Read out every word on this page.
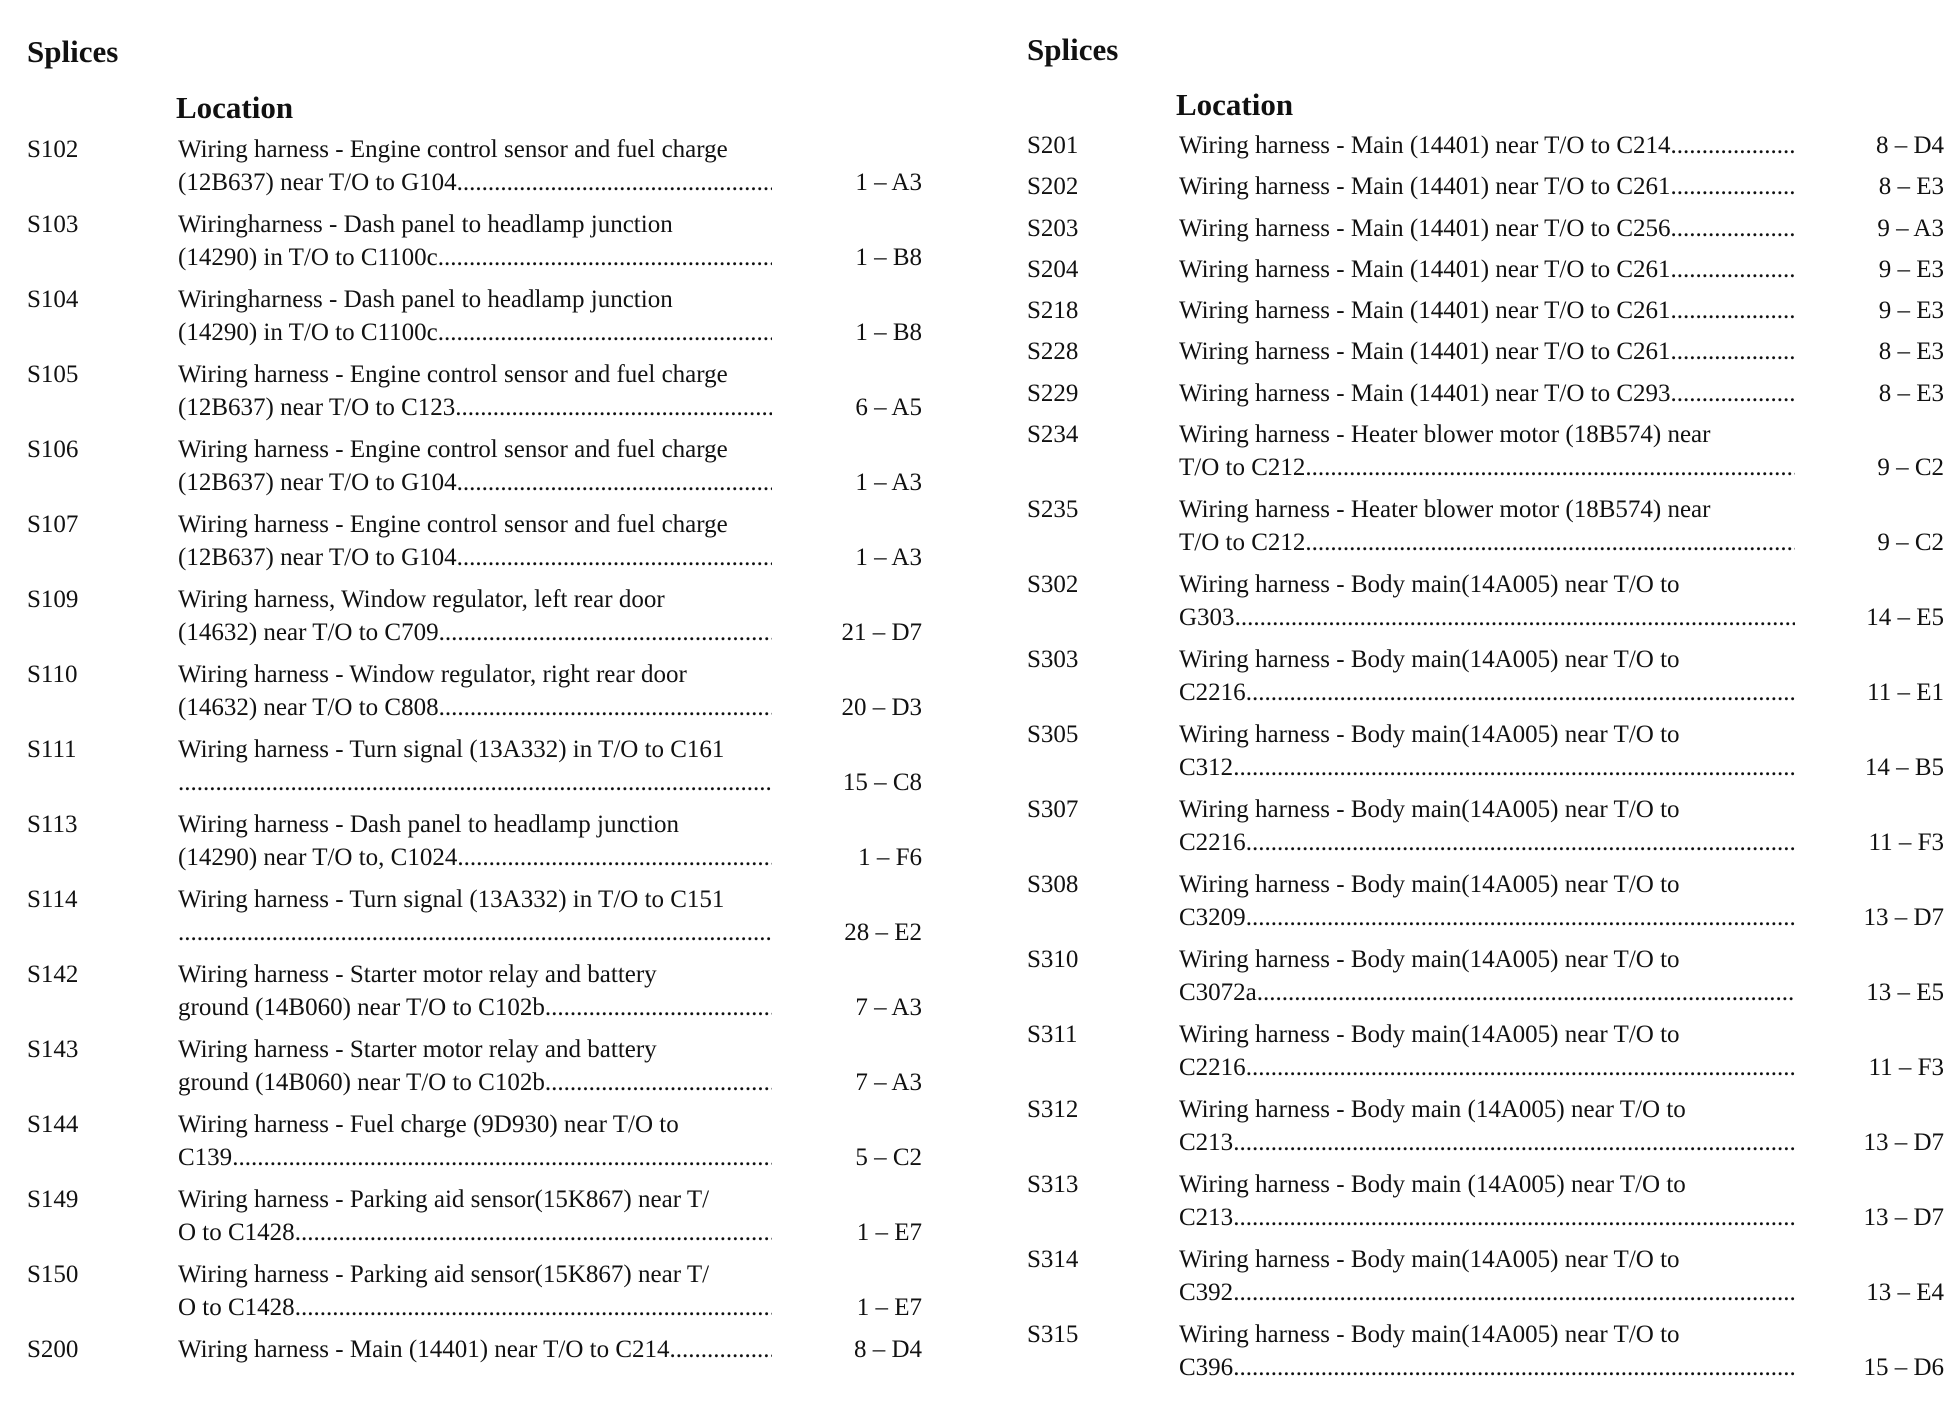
Splices
Location
S102	Wiring harness - Engine control sensor and fuel charge
(12B637) near T/O to G104 .....	1 – A3
S103	Wiringharness - Dash panel to headlamp junction
(14290) in T/O to C1100c .....	1 – B8
S104	Wiringharness - Dash panel to headlamp junction
(14290) in T/O to C1100c .....	1 – B8
S105	Wiring harness - Engine control sensor and fuel charge
(12B637) near T/O to C123 .....	6 – A5
S106	Wiring harness - Engine control sensor and fuel charge
(12B637) near T/O to G104 .....	1 – A3
S107	Wiring harness - Engine control sensor and fuel charge
(12B637) near T/O to G104 .....	1 – A3
S109	Wiring harness, Window regulator, left rear door
(14632) near T/O to C709 .....	21 – D7
S110	Wiring harness - Window regulator, right rear door
(14632) near T/O to C808 .....	20 – D3
S111	Wiring harness - Turn signal (13A332) in T/O to C161
.....
15 – C8
S113	Wiring harness - Dash panel to headlamp junction
(14290) near T/O to, C1024 .....	1 – F6
S114	Wiring harness - Turn signal (13A332) in T/O to C151
.....
28 – E2
S142	Wiring harness - Starter motor relay and battery
ground (14B060) near T/O to C102b .....	7 – A3
S143	Wiring harness - Starter motor relay and battery
ground (14B060) near T/O to C102b .....	7 – A3
S144	Wiring harness - Fuel charge (9D930) near T/O to
C139 .....	5 – C2
S149	Wiring harness - Parking aid sensor(15K867) near T/
O to C1428 .....	1 – E7
S150	Wiring harness - Parking aid sensor(15K867) near T/
O to C1428 .....	1 – E7
S200	Wiring harness - Main (14401) near T/O to C214 .....	8 – D4
Splices
Location
S201	Wiring harness - Main (14401) near T/O to C214 .....	8 – D4
S202	Wiring harness - Main (14401) near T/O to C261 .....	8 – E3
S203	Wiring harness - Main (14401) near T/O to C256 .....	9 – A3
S204	Wiring harness - Main (14401) near T/O to C261 .....	9 – E3
S218	Wiring harness - Main (14401) near T/O to C261 .....	9 – E3
S228	Wiring harness - Main (14401) near T/O to C261 .....	8 – E3
S229	Wiring harness - Main (14401) near T/O to C293 .....	8 – E3
S234	Wiring harness - Heater blower motor (18B574) near
T/O to C212 .....	9 – C2
S235	Wiring harness - Heater blower motor (18B574) near
T/O to C212 .....	9 – C2
S302	Wiring harness - Body main(14A005) near T/O to
G303 .....	14 – E5
S303	Wiring harness - Body main(14A005) near T/O to
C2216 .....	11 – E1
S305	Wiring harness - Body main(14A005) near T/O to
C312 .....	14 – B5
S307	Wiring harness - Body main(14A005) near T/O to
C2216 .....	11 – F3
S308	Wiring harness - Body main(14A005) near T/O to
C3209 .....	13 – D7
S310	Wiring harness - Body main(14A005) near T/O to
C3072a .....	13 – E5
S311	Wiring harness - Body main(14A005) near T/O to
C2216 .....	11 – F3
S312	Wiring harness - Body main (14A005) near T/O to
C213 .....	13 – D7
S313	Wiring harness - Body main (14A005) near T/O to
C213 .....	13 – D7
S314	Wiring harness - Body main(14A005) near T/O to
C392 .....	13 – E4
S315	Wiring harness - Body main(14A005) near T/O to
C396 .....	15 – D6
